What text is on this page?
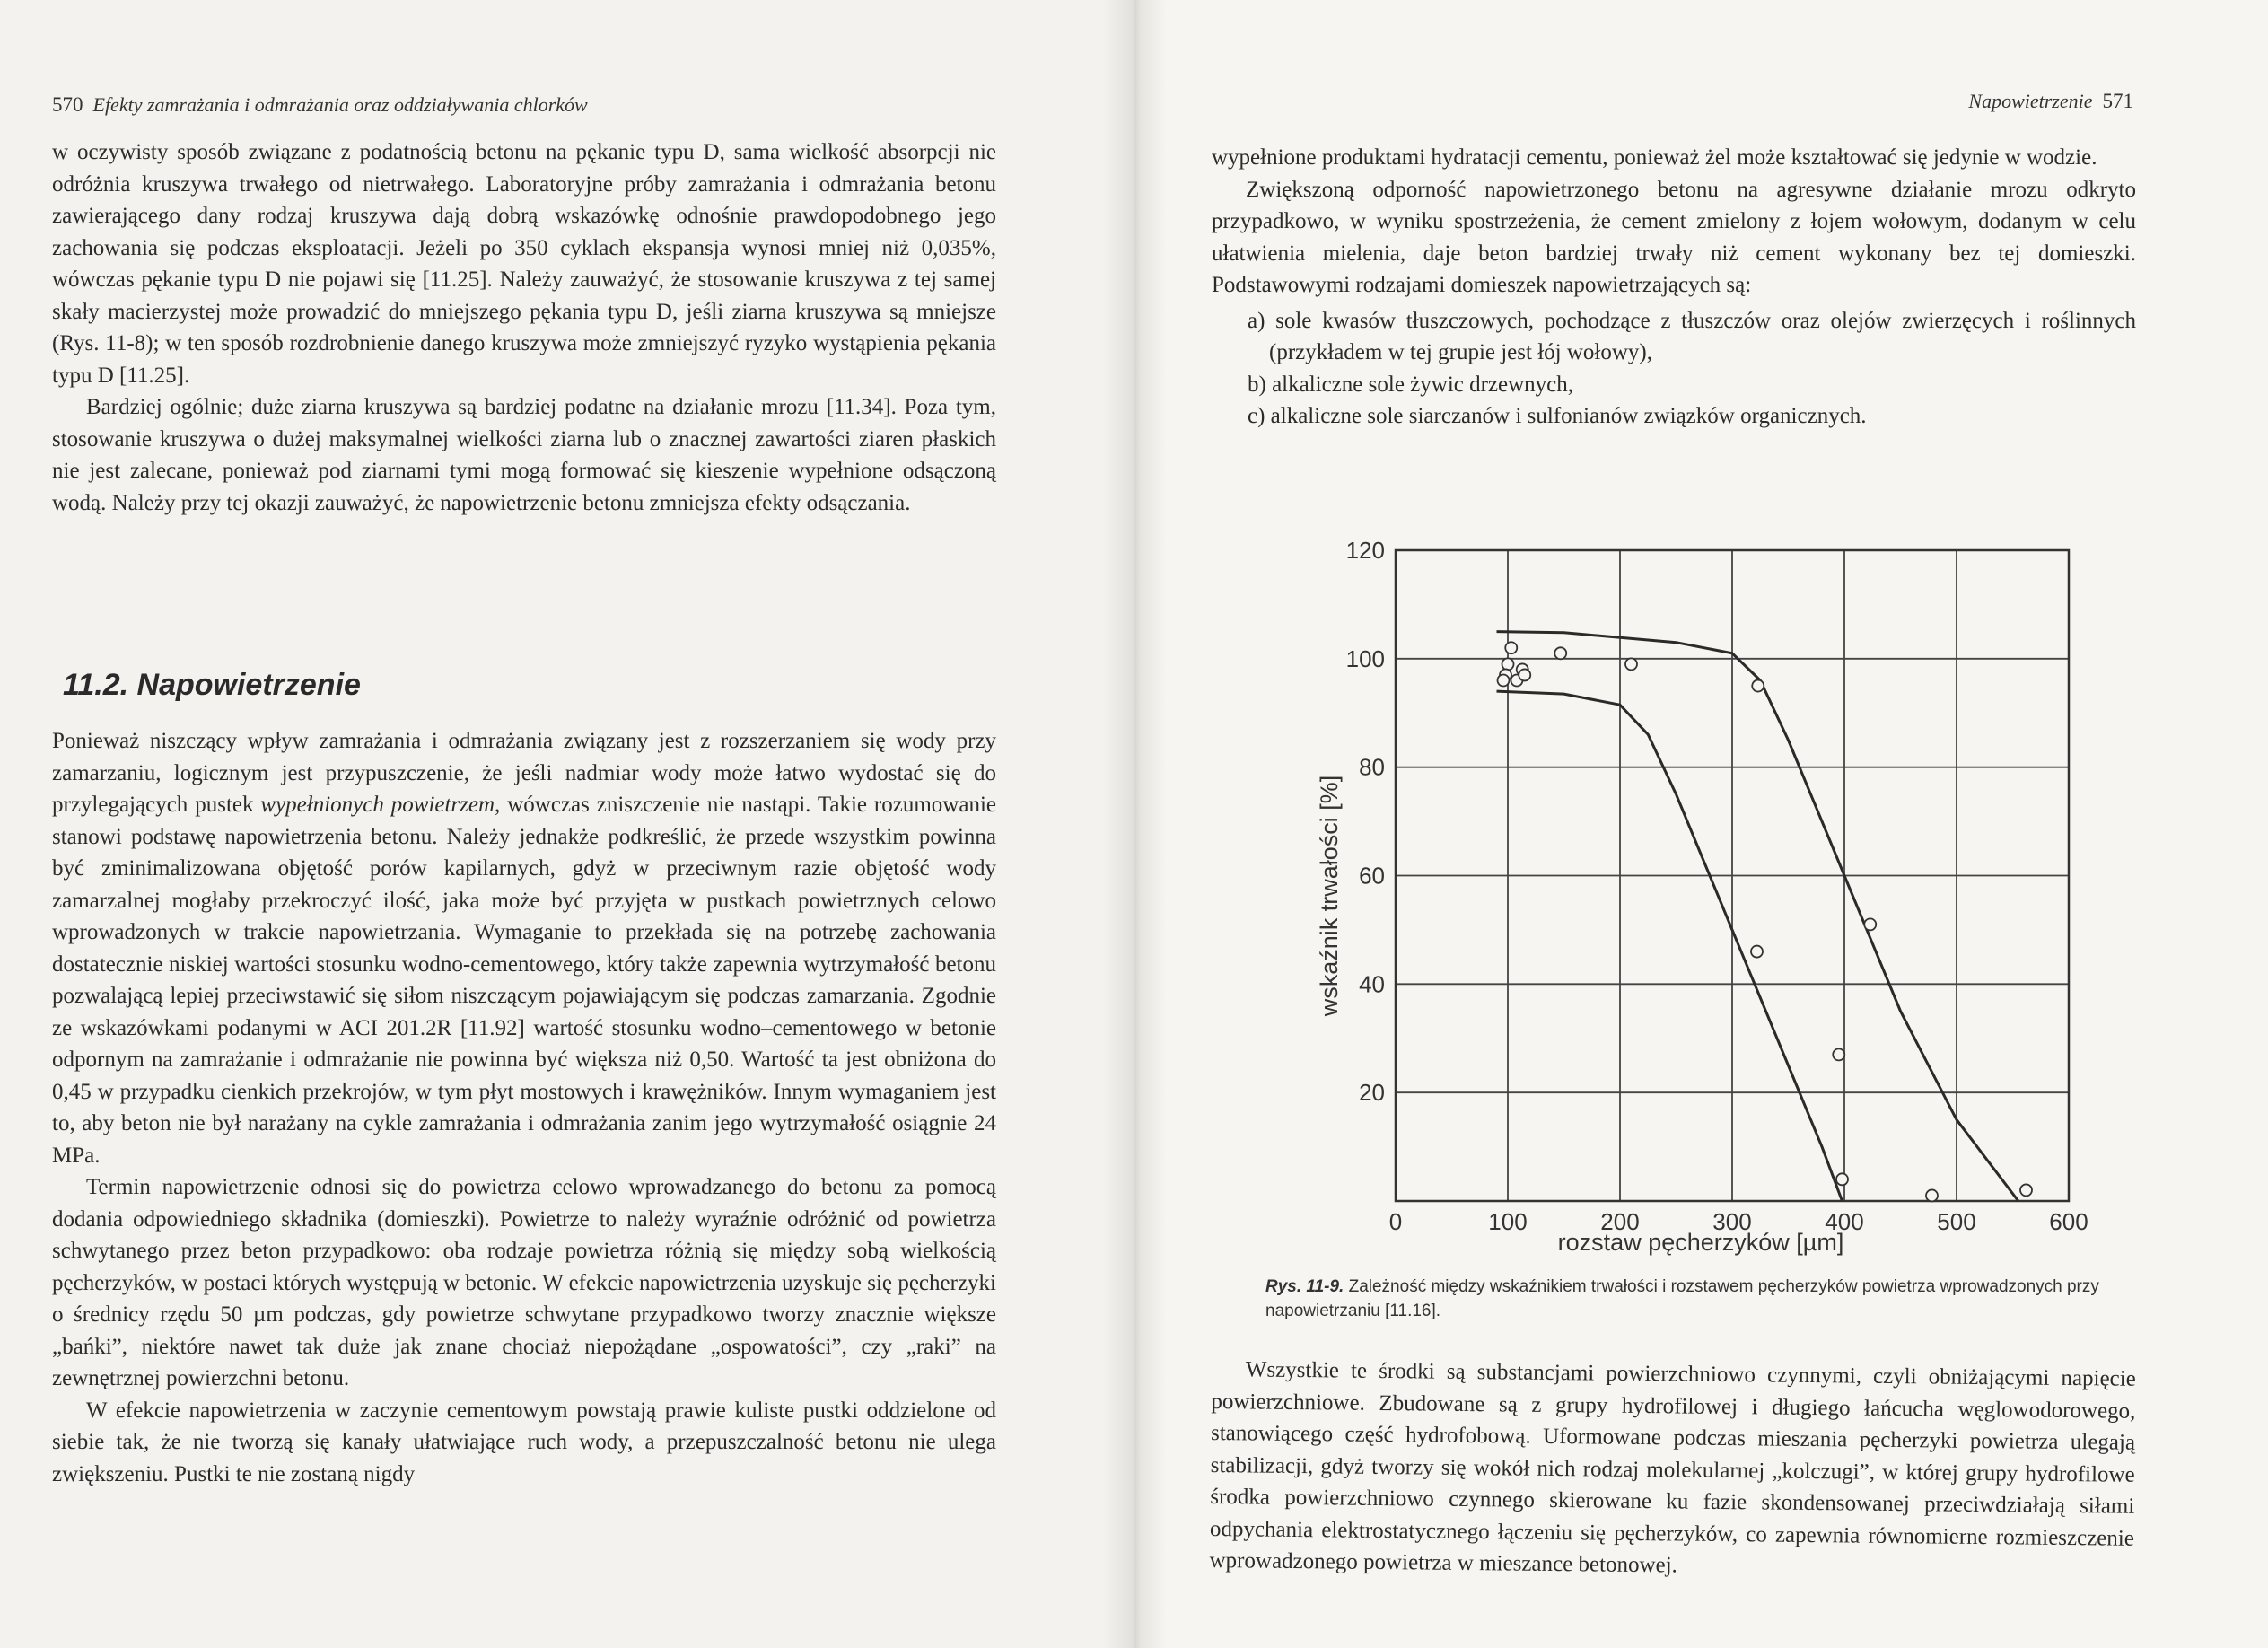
570 Efekty zamrażania i odmrażania oraz oddziaływania chlorków

w oczywisty sposób związane z podatnością betonu na pękanie typu D, sama wielkość absorpcji nie odróżnia kruszywa trwałego od nietrwałego. Laboratoryjne próby zamrażania i odmrażania betonu zawierającego dany rodzaj kruszywa dają dobrą wskazówkę odnośnie prawdopodobnego jego zachowania się podczas eksploatacji. Jeżeli po 350 cyklach ekspansja wynosi mniej niż 0,035%, wówczas pękanie typu D nie pojawi się [11.25]. Należy zauważyć, że stosowanie kruszywa z tej samej skały macierzystej może prowadzić do mniejszego pękania typu D, jeśli ziarna kruszywa są mniejsze (Rys. 11-8); w ten sposób rozdrobnienie danego kruszywa może zmniejszyć ryzyko wystąpienia pękania typu D [11.25].

Bardziej ogólnie; duże ziarna kruszywa są bardziej podatne na działanie mrozu [11.34]. Poza tym, stosowanie kruszywa o dużej maksymalnej wielkości ziarna lub o znacznej zawartości ziaren płaskich nie jest zalecane, ponieważ pod ziarnami tymi mogą formować się kieszenie wypełnione odsączoną wodą. Należy przy tej okazji zauważyć, że napowietrzenie betonu zmniejsza efekty odsączania.

11.2. Napowietrzenie

Ponieważ niszczący wpływ zamrażania i odmrażania związany jest z rozszerzaniem się wody przy zamarzaniu, logicznym jest przypuszczenie, że jeśli nadmiar wody może łatwo wydostać się do przylegających pustek wypełnionych powietrzem, wówczas zniszczenie nie nastąpi. Takie rozumowanie stanowi podstawę napowietrzenia betonu. Należy jednakże podkreślić, że przede wszystkim powinna być zminimalizowana objętość porów kapilarnych, gdyż w przeciwnym razie objętość wody zamarzalnej mogłaby przekroczyć ilość, jaka może być przyjęta w pustkach powietrznych celowo wprowadzonych w trakcie napowietrzania. Wymaganie to przekłada się na potrzebę zachowania dostatecznie niskiej wartości stosunku wodno-cementowego, który także zapewnia wytrzymałość betonu pozwalającą lepiej przeciwstawić się siłom niszczącym pojawiającym się podczas zamarzania. Zgodnie ze wskazówkami podanymi w ACI 201.2R [11.92] wartość stosunku wodno–cementowego w betonie odpornym na zamrażanie i odmrażanie nie powinna być większa niż 0,50. Wartość ta jest obniżona do 0,45 w przypadku cienkich przekrojów, w tym płyt mostowych i krawężników. Innym wymaganiem jest to, aby beton nie był narażany na cykle zamrażania i odmrażania zanim jego wytrzymałość osiągnie 24 MPa.

Termin napowietrzenie odnosi się do powietrza celowo wprowadzanego do betonu za pomocą dodania odpowiedniego składnika (domieszki). Powietrze to należy wyraźnie odróżnić od powietrza schwytanego przez beton przypadkowo: oba rodzaje powietrza różnią się między sobą wielkością pęcherzyków, w postaci których występują w betonie. W efekcie napowietrzenia uzyskuje się pęcherzyki o średnicy rzędu 50 µm podczas, gdy powietrze schwytane przypadkowo tworzy znacznie większe „bańki”, niektóre nawet tak duże jak znane chociaż niepożądane „ospowatości”, czy „raki” na zewnętrznej powierzchni betonu.

W efekcie napowietrzenia w zaczynie cementowym powstają prawie kuliste pustki oddzielone od siebie tak, że nie tworzą się kanały ułatwiające ruch wody, a przepuszczalność betonu nie ulega zwiększeniu. Pustki te nie zostaną nigdy

Napowietrzenie 571

wypełnione produktami hydratacji cementu, ponieważ żel może kształtować się jedynie w wodzie.

Zwiększoną odporność napowietrzonego betonu na agresywne działanie mrozu odkryto przypadkowo, w wyniku spostrzeżenia, że cement zmielony z łojem wołowym, dodanym w celu ułatwienia mielenia, daje beton bardziej trwały niż cement wykonany bez tej domieszki. Podstawowymi rodzajami domieszek napowietrzających są:

a) sole kwasów tłuszczowych, pochodzące z tłuszczów oraz olejów zwierzęcych i roślinnych (przykładem w tej grupie jest łój wołowy),
b) alkaliczne sole żywic drzewnych,
c) alkaliczne sole siarczanów i sulfonianów związków organicznych.
0	100	200	300	400	500	600
20
40
60
80
100
120
rozstaw pęcherzyków [µm]
wskaźnik trwałości [%]
Rys. 11-9. Zależność między wskaźnikiem trwałości i rozstawem pęcherzyków powietrza wprowadzonych przy napowietrzaniu [11.16].

Wszystkie te środki są substancjami powierzchniowo czynnymi, czyli obniżającymi napięcie powierzchniowe. Zbudowane są z grupy hydrofilowej i długiego łańcucha węglowodorowego, stanowiącego część hydrofobową. Uformowane podczas mieszania pęcherzyki powietrza ulegają stabilizacji, gdyż tworzy się wokół nich rodzaj molekularnej „kolczugi”, w której grupy hydrofilowe środka powierzchniowo czynnego skierowane ku fazie skondensowanej przeciwdziałają siłami odpychania elektrostatycznego łączeniu się pęcherzyków, co zapewnia równomierne rozmieszczenie wprowadzonego powietrza w mieszance betonowej.
